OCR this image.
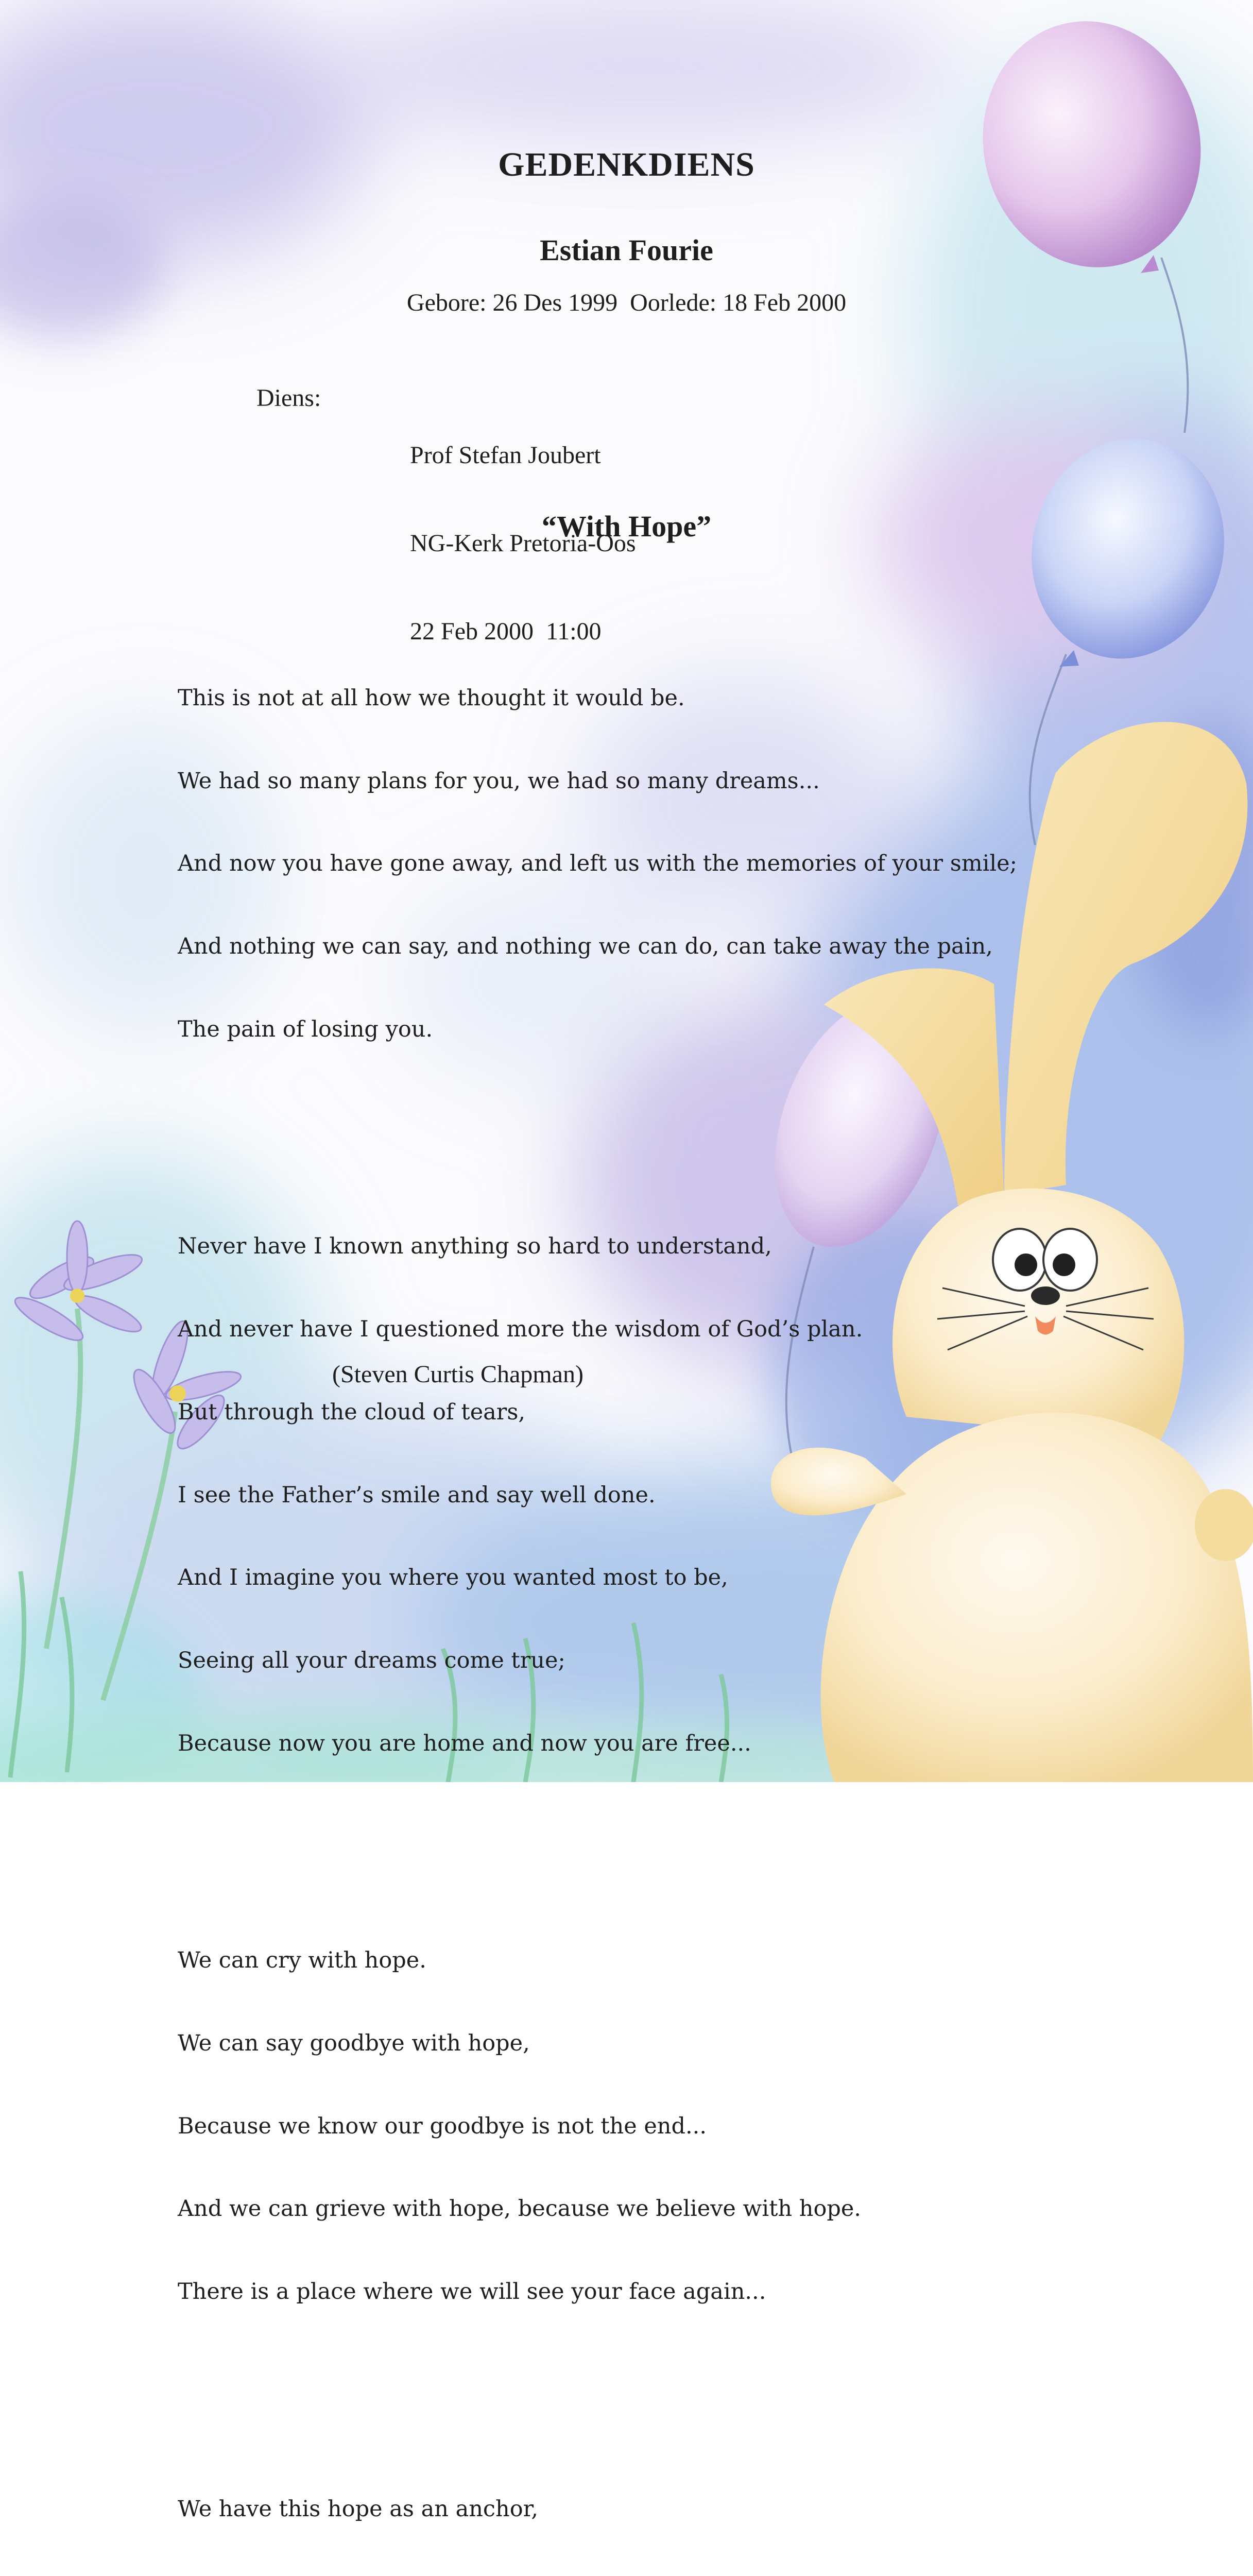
GEDENKDIENS
Estian Fourie
Gebore: 26 Des 1999  Oorlede: 18 Feb 2000
Diens:

Prof Stefan Joubert

NG-Kerk Pretoria-Oos

22 Feb 2000  11:00

“With Hope”

This is not at all how we thought it would be.

We had so many plans for you, we had so many dreams...

And now you have gone away, and left us with the memories of your smile;

And nothing we can say, and nothing we can do, can take away the pain,

The pain of losing you.

Never have I known anything so hard to understand,

And never have I questioned more the wisdom of God’s plan.

But through the cloud of tears,

I see the Father’s smile and say well done.

And I imagine you where you wanted most to be,

Seeing all your dreams come true;

Because now you are home and now you are free...

We can cry with hope.

We can say goodbye with hope,

Because we know our goodbye is not the end...

And we can grieve with hope, because we believe with hope.

There is a place where we will see your face again...

We have this hope as an anchor,

(Steven Curtis Chapman)
